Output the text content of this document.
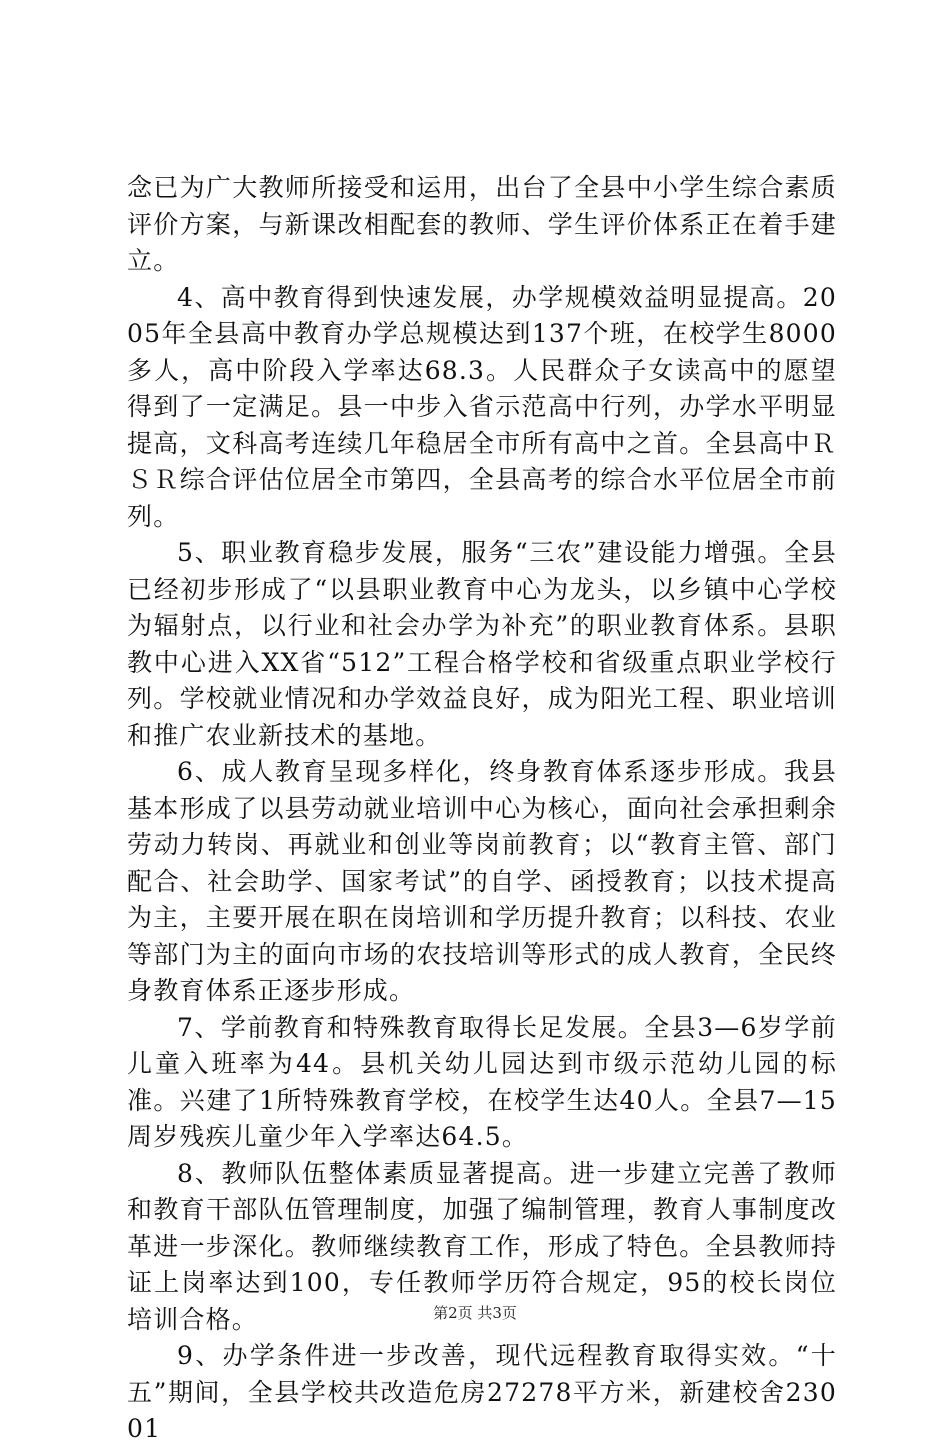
念已为广大教师所接受和运用，出台了全县中小学生综合素质评价方案，与新课改相配套的教师、学生评价体系正在着手建立。

4、高中教育得到快速发展，办学规模效益明显提高。2005年全县高中教育办学总规模达到137个班，在校学生8000多人，高中阶段入学率达68.3。人民群众子女读高中的愿望得到了一定满足。县一中步入省示范高中行列，办学水平明显提高，文科高考连续几年稳居全市所有高中之首。全县高中ＲＳＲ综合评估位居全市第四，全县高考的综合水平位居全市前列。

5、职业教育稳步发展，服务“三农”建设能力增强。全县已经初步形成了“以县职业教育中心为龙头，以乡镇中心学校为辐射点，以行业和社会办学为补充”的职业教育体系。县职教中心进入XX省“512”工程合格学校和省级重点职业学校行列。学校就业情况和办学效益良好，成为阳光工程、职业培训和推广农业新技术的基地。

6、成人教育呈现多样化，终身教育体系逐步形成。我县基本形成了以县劳动就业培训中心为核心，面向社会承担剩余劳动力转岗、再就业和创业等岗前教育；以“教育主管、部门配合、社会助学、国家考试”的自学、函授教育；以技术提高为主，主要开展在职在岗培训和学历提升教育；以科技、农业等部门为主的面向市场的农技培训等形式的成人教育，全民终身教育体系正逐步形成。

7、学前教育和特殊教育取得长足发展。全县3—6岁学前儿童入班率为44。县机关幼儿园达到市级示范幼儿园的标准。兴建了1所特殊教育学校，在校学生达40人。全县7—15周岁残疾儿童少年入学率达64.5。

8、教师队伍整体素质显著提高。进一步建立完善了教师和教育干部队伍管理制度，加强了编制管理，教育人事制度改革进一步深化。教师继续教育工作，形成了特色。全县教师持证上岗率达到100，专任教师学历符合规定，95的校长岗位培训合格。

9、办学条件进一步改善，现代远程教育取得实效。“十五”期间，全县学校共改造危房27278平方米，新建校舍23001

第2页 共3页
